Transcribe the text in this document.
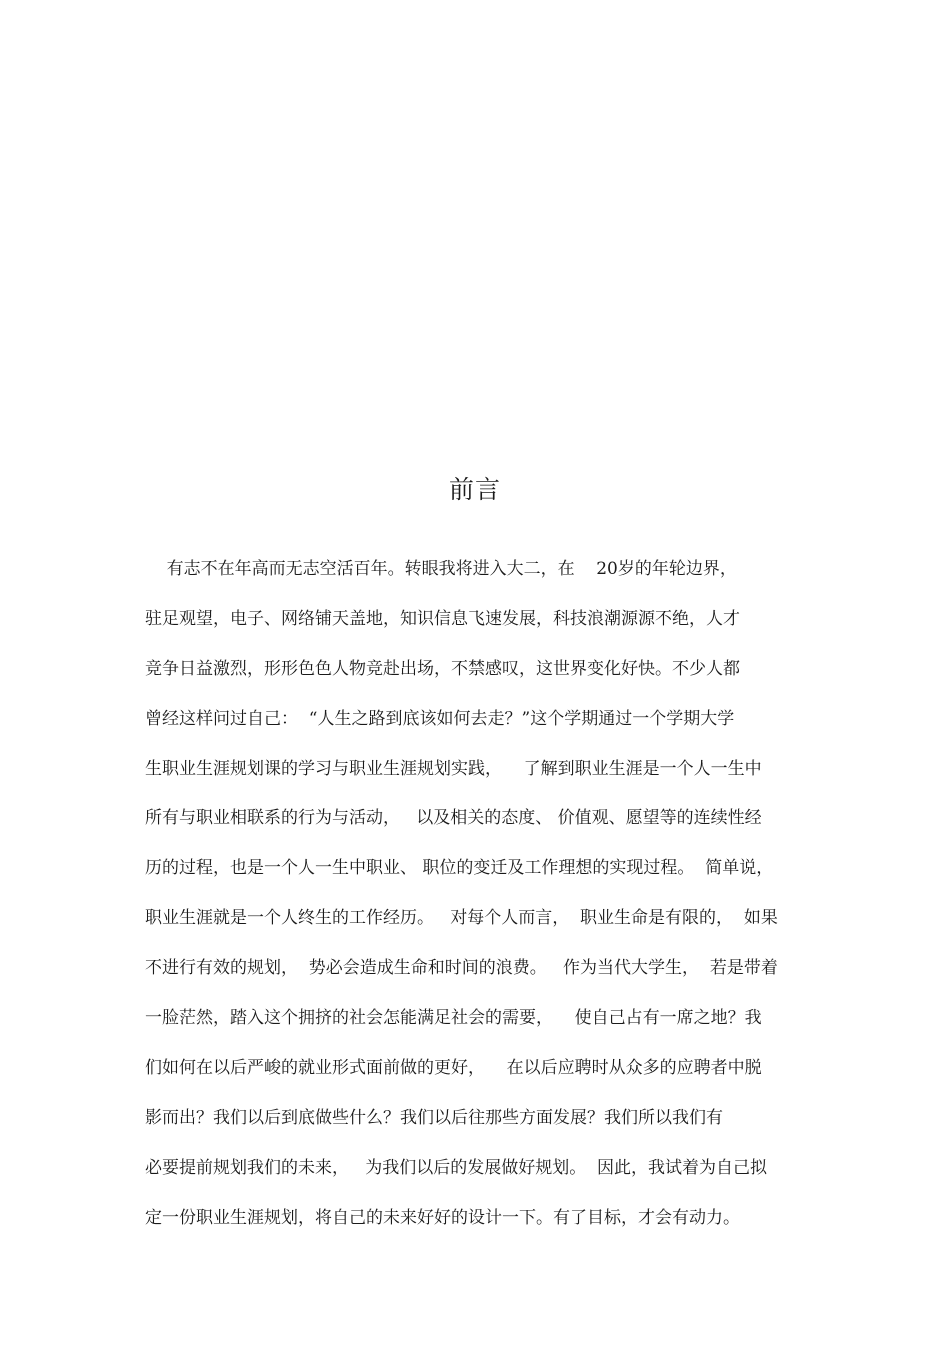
前言
有志不在年高而无志空活百年。转眼我将进入大二，在    20岁的年轮边界，
驻足观望，电子、网络铺天盖地，知识信息飞速发展，科技浪潮源源不绝，人才
竞争日益激烈，形形色色人物竞赴出场，不禁感叹，这世界变化好快。不少人都
曾经这样问过自己：  “人生之路到底该如何去走？”这个学期通过一个学期大学
生职业生涯规划课的学习与职业生涯规划实践，    了解到职业生涯是一个人一生中
所有与职业相联系的行为与活动，   以及相关的态度、 价值观、愿望等的连续性经
历的过程，也是一个人一生中职业、 职位的变迁及工作理想的实现过程。  简单说，
职业生涯就是一个人终生的工作经历。   对每个人而言，  职业生命是有限的，  如果
不进行有效的规划，  势必会造成生命和时间的浪费。   作为当代大学生，  若是带着
一脸茫然，踏入这个拥挤的社会怎能满足社会的需要，    使自己占有一席之地？我
们如何在以后严峻的就业形式面前做的更好，    在以后应聘时从众多的应聘者中脱
影而出？我们以后到底做些什么？我们以后往那些方面发展？我们所以我们有
必要提前规划我们的未来，   为我们以后的发展做好规划。  因此，我试着为自己拟
定一份职业生涯规划，将自己的未来好好的设计一下。有了目标，才会有动力。
